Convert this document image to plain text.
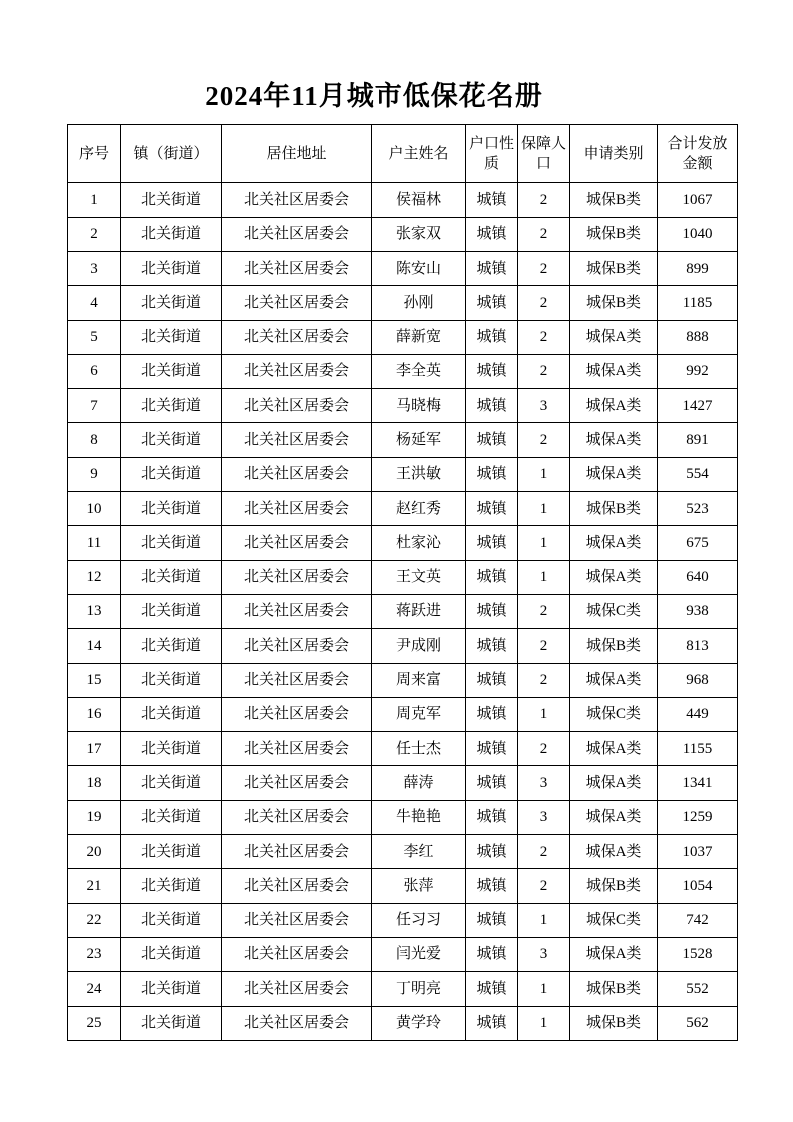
2024年11月城市低保花名册
序号	镇（街道）	居住地址	户主姓名	户口性质	保障人口	申请类别	合计发放金额
1	北关街道	北关社区居委会	侯福林	城镇	2	城保B类	1067
2	北关街道	北关社区居委会	张家双	城镇	2	城保B类	1040
3	北关街道	北关社区居委会	陈安山	城镇	2	城保B类	899
4	北关街道	北关社区居委会	孙刚	城镇	2	城保B类	1185
5	北关街道	北关社区居委会	薛新宽	城镇	2	城保A类	888
6	北关街道	北关社区居委会	李全英	城镇	2	城保A类	992
7	北关街道	北关社区居委会	马晓梅	城镇	3	城保A类	1427
8	北关街道	北关社区居委会	杨延军	城镇	2	城保A类	891
9	北关街道	北关社区居委会	王洪敏	城镇	1	城保A类	554
10	北关街道	北关社区居委会	赵红秀	城镇	1	城保B类	523
11	北关街道	北关社区居委会	杜家沁	城镇	1	城保A类	675
12	北关街道	北关社区居委会	王文英	城镇	1	城保A类	640
13	北关街道	北关社区居委会	蒋跃进	城镇	2	城保C类	938
14	北关街道	北关社区居委会	尹成刚	城镇	2	城保B类	813
15	北关街道	北关社区居委会	周来富	城镇	2	城保A类	968
16	北关街道	北关社区居委会	周克军	城镇	1	城保C类	449
17	北关街道	北关社区居委会	任士杰	城镇	2	城保A类	1155
18	北关街道	北关社区居委会	薛涛	城镇	3	城保A类	1341
19	北关街道	北关社区居委会	牛艳艳	城镇	3	城保A类	1259
20	北关街道	北关社区居委会	李红	城镇	2	城保A类	1037
21	北关街道	北关社区居委会	张萍	城镇	2	城保B类	1054
22	北关街道	北关社区居委会	任习习	城镇	1	城保C类	742
23	北关街道	北关社区居委会	闫光爱	城镇	3	城保A类	1528
24	北关街道	北关社区居委会	丁明亮	城镇	1	城保B类	552
25	北关街道	北关社区居委会	黄学玲	城镇	1	城保B类	562
